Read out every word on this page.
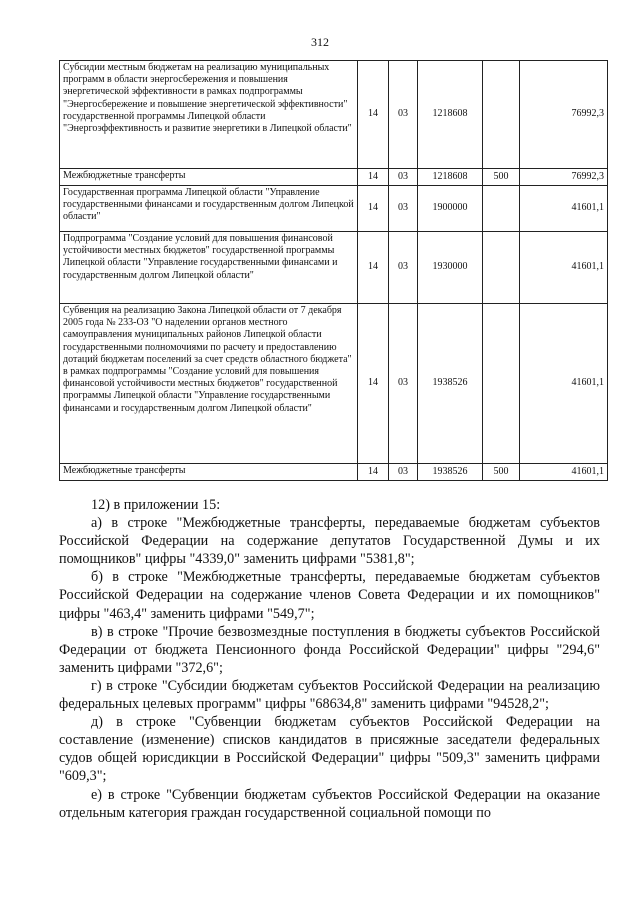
312
Субсидии местным бюджетам на реализацию муниципальных программ в области энергосбережения и повышения энергетической эффективности в рамках подпрограммы "Энергосбережение и повышение энергетической эффективности" государственной программы Липецкой области "Энергоэффективность и развитие энергетики в Липецкой области"	14	03	1218608		76992,3
Межбюджетные трансферты	14	03	1218608	500	76992,3
Государственная программа Липецкой области "Управление государственными финансами и государственным долгом Липецкой области"	14	03	1900000		41601,1
Подпрограмма "Создание условий для повышения финансовой устойчивости местных бюджетов" государственной программы Липецкой области "Управление государственными финансами и государственным долгом Липецкой области"	14	03	1930000		41601,1
Субвенция на реализацию Закона Липецкой области от 7 декабря 2005 года № 233-ОЗ "О наделении органов местного самоуправления муниципальных районов Липецкой области государственными полномочиями по расчету и предоставлению дотаций бюджетам поселений за счет средств областного бюджета" в рамках подпрограммы "Создание условий для повышения финансовой устойчивости местных бюджетов" государственной программы Липецкой области "Управление государственными финансами и государственным долгом Липецкой области"	14	03	1938526		41601,1
Межбюджетные трансферты	14	03	1938526	500	41601,1

12) в приложении 15:

а) в строке "Межбюджетные трансферты, передаваемые бюджетам субъектов Российской Федерации на содержание депутатов Государственной Думы и их помощников" цифры "4339,0" заменить цифрами "5381,8";

б) в строке "Межбюджетные трансферты, передаваемые бюджетам субъектов Российской Федерации на содержание членов Совета Федерации и их помощников" цифры "463,4" заменить цифрами "549,7";

в) в строке "Прочие безвозмездные поступления в бюджеты субъектов Российской Федерации от бюджета Пенсионного фонда Российской Федерации" цифры "294,6" заменить цифрами "372,6";

г) в строке "Субсидии бюджетам субъектов Российской Федерации на реализацию федеральных целевых программ" цифры "68634,8" заменить цифрами "94528,2";

д) в строке "Субвенции бюджетам субъектов Российской Федерации на составление (изменение) списков кандидатов в присяжные заседатели федеральных судов общей юрисдикции в Российской Федерации" цифры "509,3" заменить цифрами "609,3";

е) в строке "Субвенции бюджетам субъектов Российской Федерации на оказание отдельным категория граждан государственной социальной помощи по
